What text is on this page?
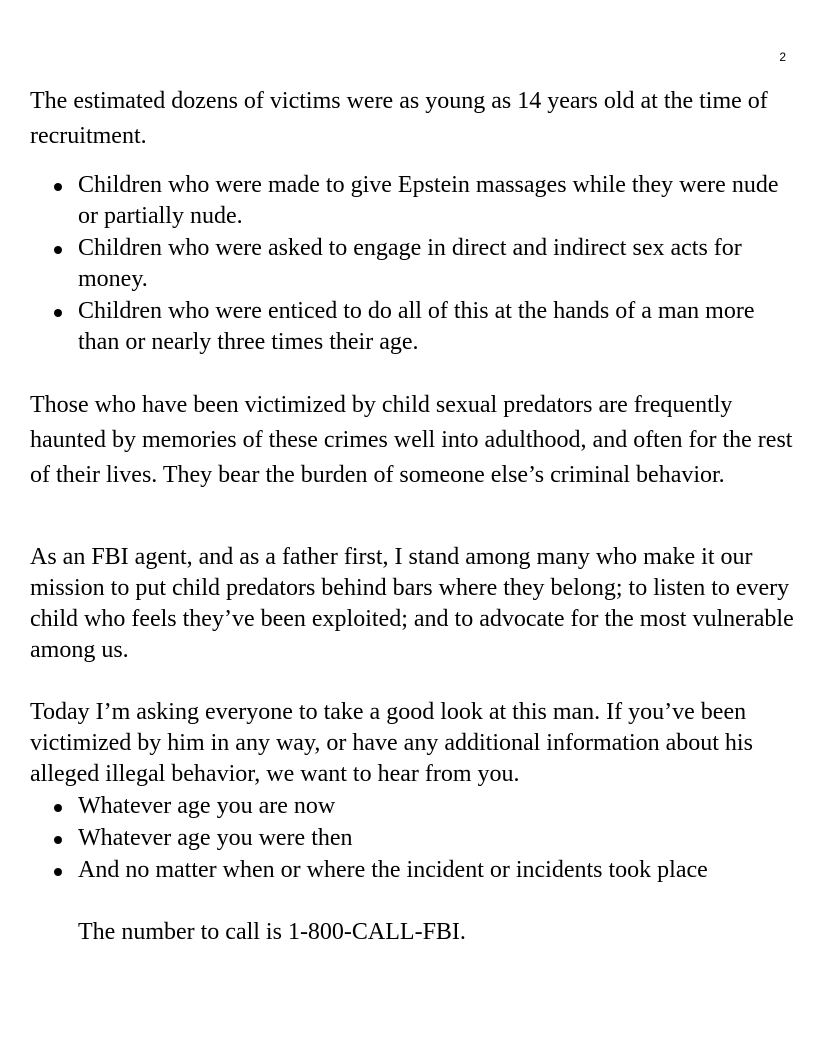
2

The estimated dozens of victims were as young as 14 years old at the time of recruitment.

Children who were made to give Epstein massages while they were nude or partially nude.
Children who were asked to engage in direct and indirect sex acts for money.
Children who were enticed to do all of this at the hands of a man more than or nearly three times their age.

Those who have been victimized by child sexual predators are frequently haunted by memories of these crimes well into adulthood, and often for the rest of their lives. They bear the burden of someone else’s criminal behavior.

As an FBI agent, and as a father first, I stand among many who make it our mission to put child predators behind bars where they belong; to listen to every child who feels they’ve been exploited; and to advocate for the most vulnerable among us.

Today I’m asking everyone to take a good look at this man. If you’ve been victimized by him in any way, or have any additional information about his alleged illegal behavior, we want to hear from you.

Whatever age you are now
Whatever age you were then
And no matter when or where the incident or incidents took place

The number to call is 1-800-CALL-FBI.
